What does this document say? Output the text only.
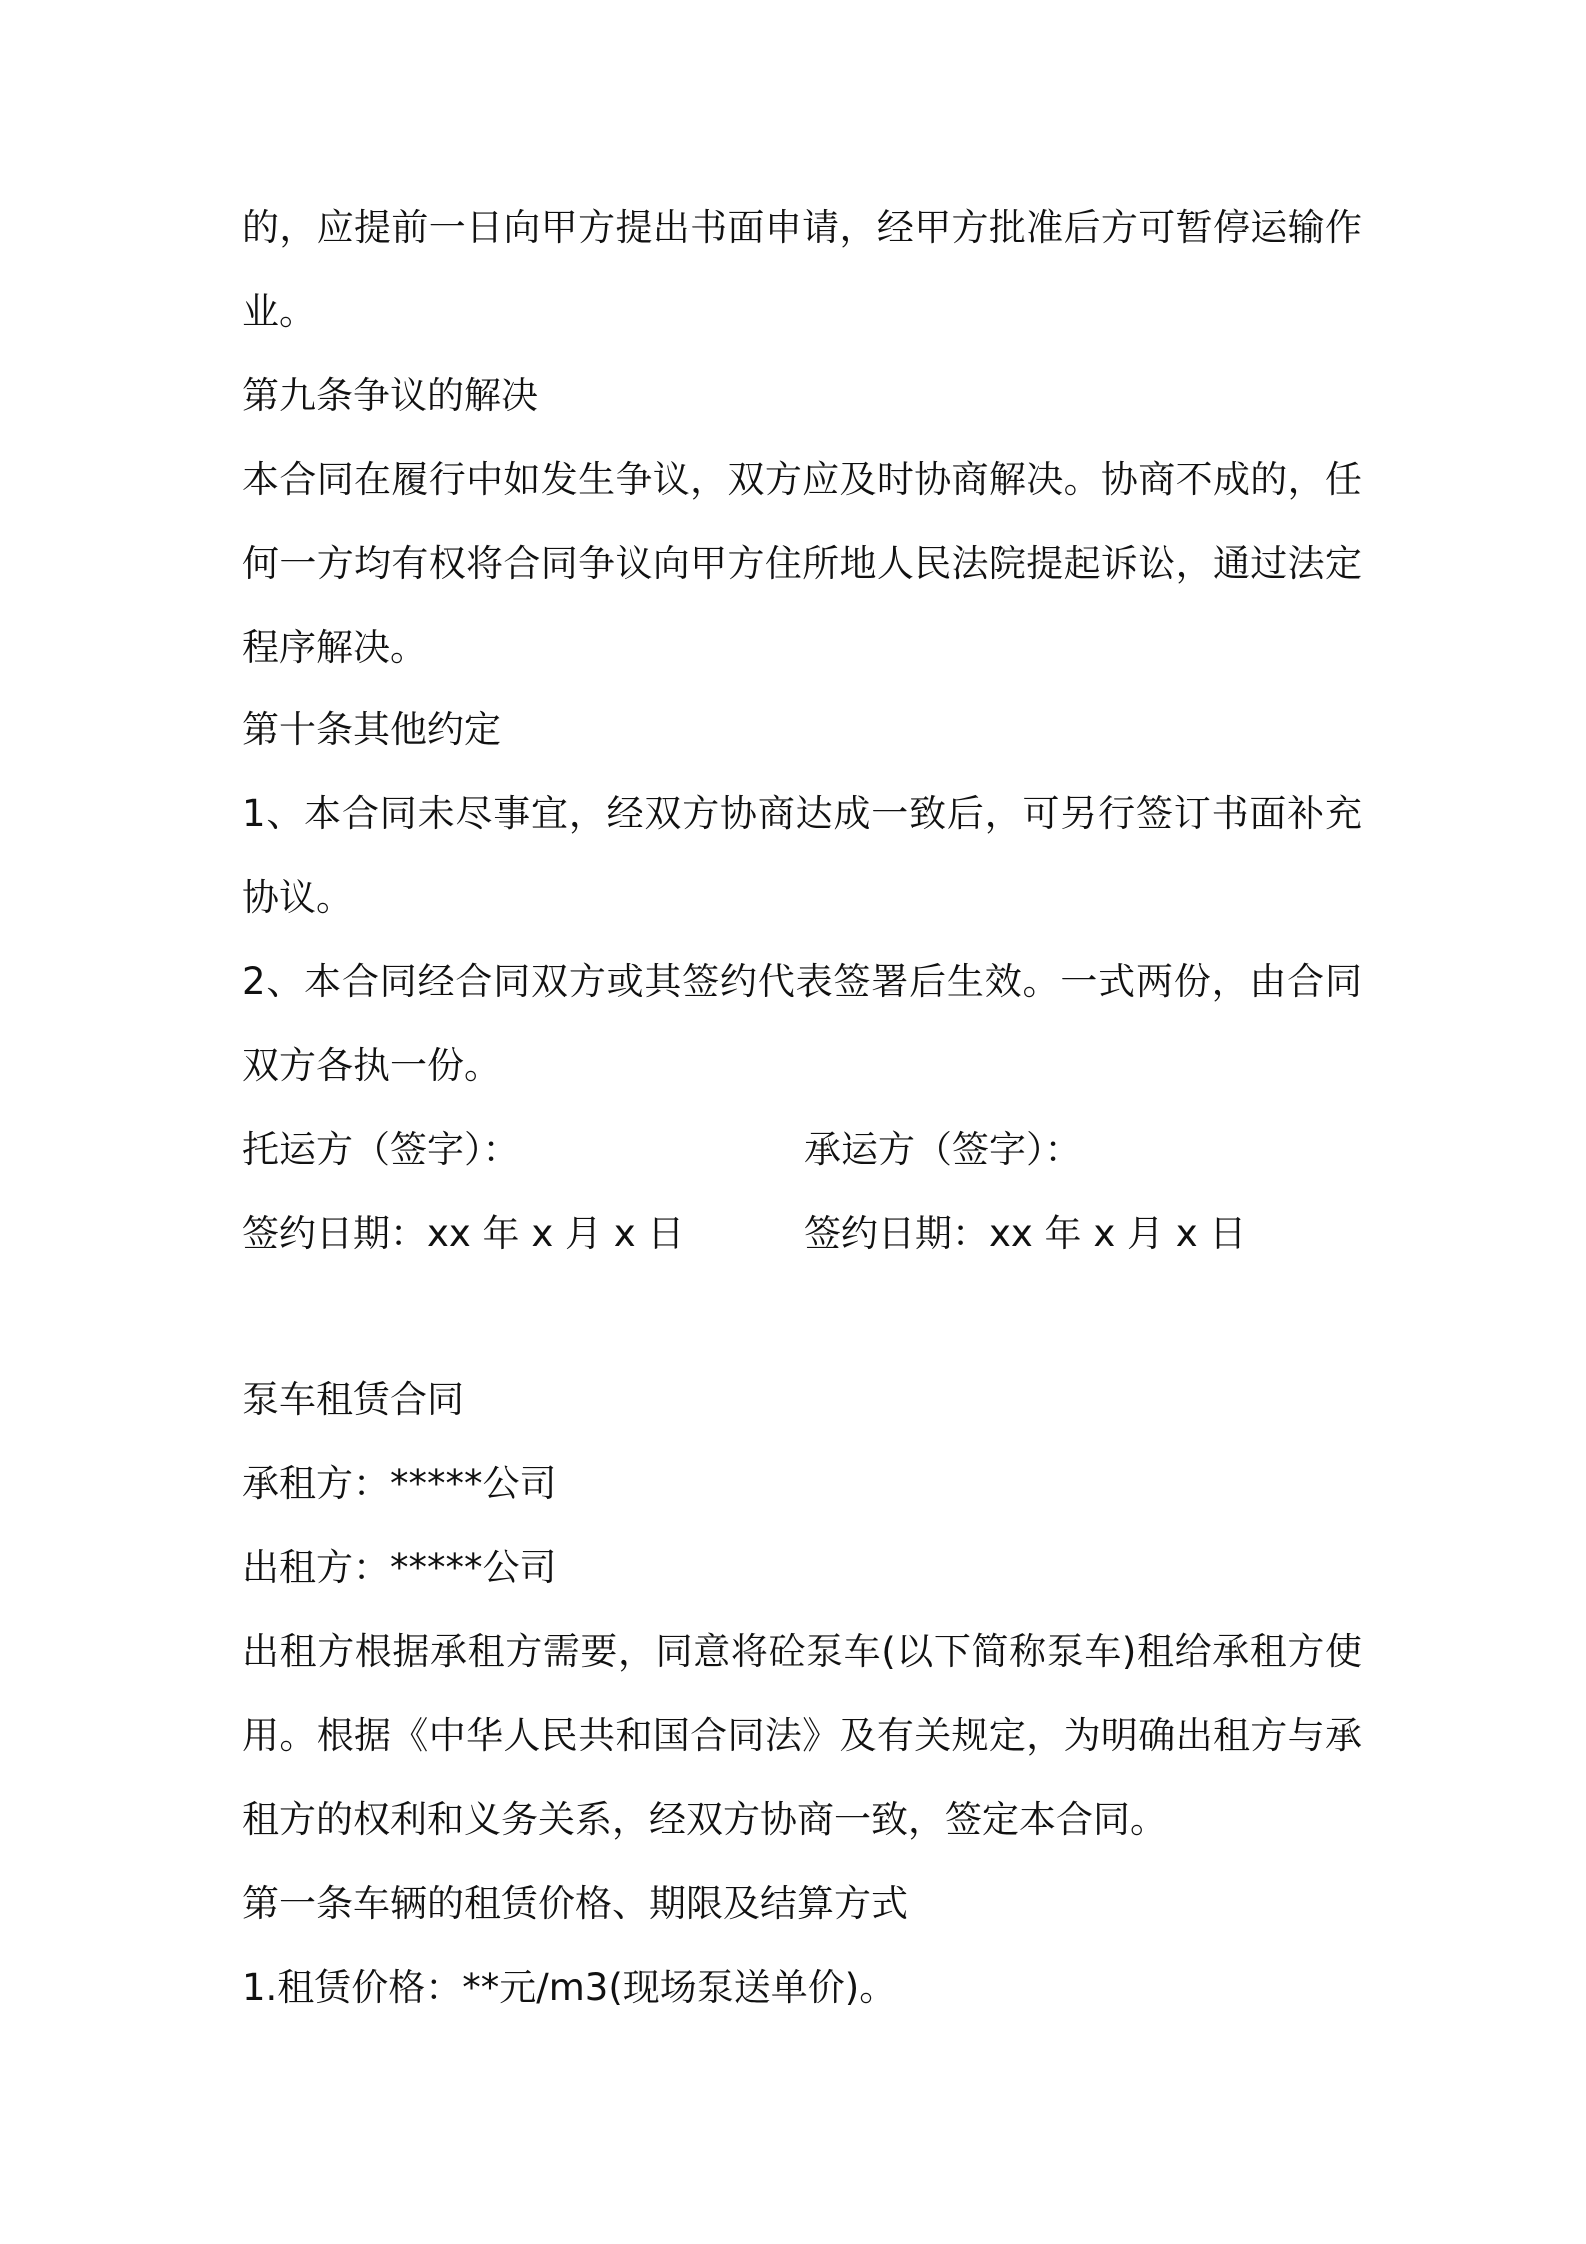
的，应提前一日向甲方提出书面申请，经甲方批准后方可暂停运输作业。

第九条争议的解决

本合同在履行中如发生争议，双方应及时协商解决。协商不成的，任何一方均有权将合同争议向甲方住所地人民法院提起诉讼，通过法定程序解决。

第十条其他约定

1、本合同未尽事宜，经双方协商达成一致后，可另行签订书面补充协议。

2、本合同经合同双方或其签约代表签署后生效。一式两份，由合同双方各执一份。

托运方（签字）：	承运方（签字）：
签约日期：xx 年 x 月 x 日	签约日期：xx 年 x 月 x 日
泵车租赁合同
承租方：*****公司
出租方：*****公司

出租方根据承租方需要，同意将砼泵车(以下简称泵车)租给承租方使用。根据《中华人民共和国合同法》及有关规定，为明确出租方与承租方的权利和义务关系，经双方协商一致，签定本合同。

第一条车辆的租赁价格、期限及结算方式
1.租赁价格：**元/m3(现场泵送单价)。
